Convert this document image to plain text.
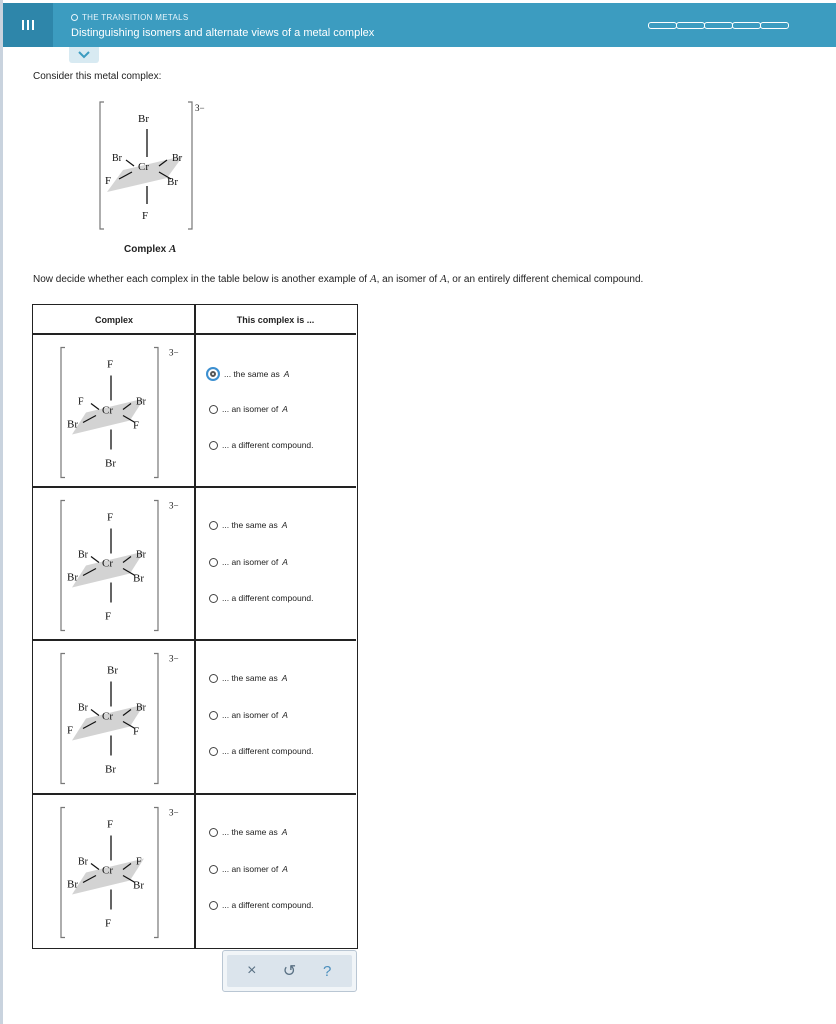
THE TRANSITION METALS
Distinguishing isomers and alternate views of a metal complex
Consider this metal complex:
3−
Br
Cr
Br	Br
F	Br
F
Complex A
Now decide whether each complex in the table below is another example of A, an isomer of A, or an entirely different chemical compound.
Complex	This complex is ...
3−
F
Cr
F	Br
Br	F
Br
... the same as A
... an isomer of A
... a different compound.
3−
F
Cr
Br	Br
Br	Br
F
... the same as A
... an isomer of A
... a different compound.
3−
Br
Cr
Br	Br
F	F
Br
... the same as A
... an isomer of A
... a different compound.
3−
F
Cr
Br	F
Br	Br
F
... the same as A
... an isomer of A
... a different compound.
×	↺	?
